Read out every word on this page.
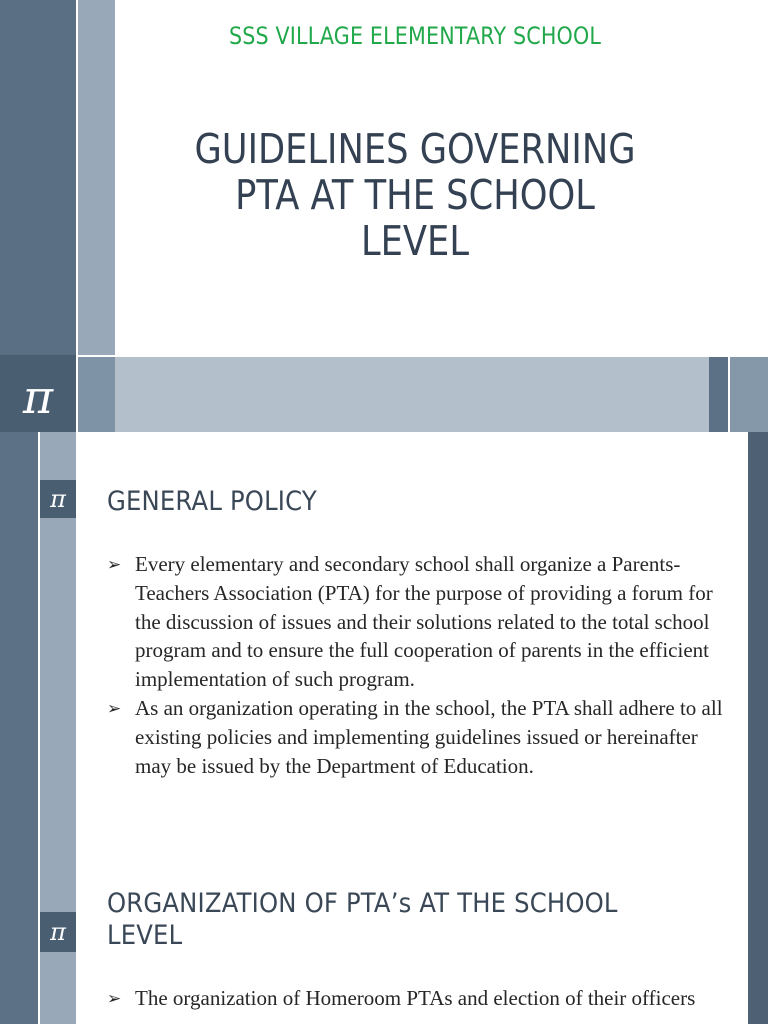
SSS VILLAGE ELEMENTARY SCHOOL
GUIDELINES GOVERNING
PTA AT THE SCHOOL
LEVEL
π
π	GENERAL POLICY
➢ Every elementary and secondary school shall organize a Parents-Teachers Association (PTA) for the purpose of providing a forum for the discussion of issues and their solutions related to the total school program and to ensure the full cooperation of parents in the efficient implementation of such program.
➢ As an organization operating in the school, the PTA shall adhere to all existing policies and implementing guidelines issued or hereinafter may be issued by the Department of Education.
π
ORGANIZATION OF PTA’s AT THE SCHOOL LEVEL
➢ The organization of Homeroom PTAs and election of their officers
